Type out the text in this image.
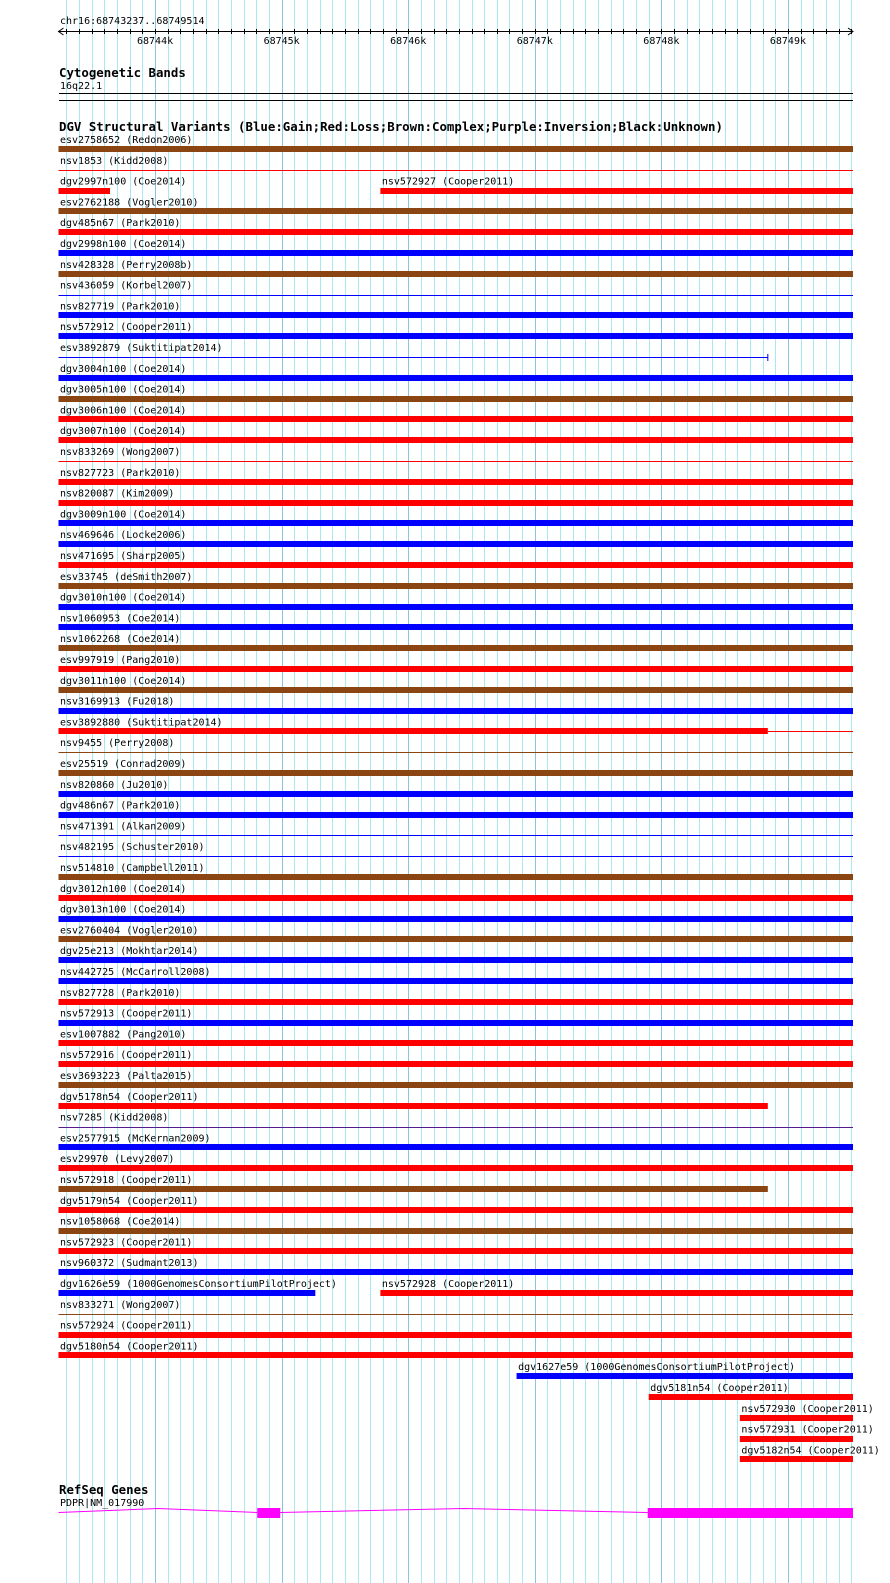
chr16:68743237..68749514
68744k	68745k	68746k	68747k	68748k	68749k
Cytogenetic Bands
16q22.1
DGV Structural Variants (Blue:Gain;Red:Loss;Brown:Complex;Purple:Inversion;Black:Unknown)
esv2758652 (Redon2006)
nsv1853 (Kidd2008)
dgv2997n100 (Coe2014)	nsv572927 (Cooper2011)
esv2762188 (Vogler2010)
dgv485n67 (Park2010)
dgv2998n100 (Coe2014)
nsv428328 (Perry2008b)
nsv436059 (Korbel2007)
nsv827719 (Park2010)
nsv572912 (Cooper2011)
esv3892879 (Suktitipat2014)
dgv3004n100 (Coe2014)
dgv3005n100 (Coe2014)
dgv3006n100 (Coe2014)
dgv3007n100 (Coe2014)
nsv833269 (Wong2007)
nsv827723 (Park2010)
nsv820087 (Kim2009)
dgv3009n100 (Coe2014)
nsv469646 (Locke2006)
nsv471695 (Sharp2005)
esv33745 (deSmith2007)
dgv3010n100 (Coe2014)
nsv1060953 (Coe2014)
nsv1062268 (Coe2014)
esv997919 (Pang2010)
dgv3011n100 (Coe2014)
nsv3169913 (Fu2018)
esv3892880 (Suktitipat2014)
nsv9455 (Perry2008)
esv25519 (Conrad2009)
nsv820860 (Ju2010)
dgv486n67 (Park2010)
nsv471391 (Alkan2009)
nsv482195 (Schuster2010)
nsv514810 (Campbell2011)
dgv3012n100 (Coe2014)
dgv3013n100 (Coe2014)
esv2760404 (Vogler2010)
dgv25e213 (Mokhtar2014)
nsv442725 (McCarroll2008)
nsv827728 (Park2010)
nsv572913 (Cooper2011)
esv1007882 (Pang2010)
nsv572916 (Cooper2011)
esv3693223 (Palta2015)
dgv5178n54 (Cooper2011)
nsv7285 (Kidd2008)
esv2577915 (McKernan2009)
esv29970 (Levy2007)
nsv572918 (Cooper2011)
dgv5179n54 (Cooper2011)
nsv1058068 (Coe2014)
nsv572923 (Cooper2011)
nsv960372 (Sudmant2013)
dgv1626e59 (1000GenomesConsortiumPilotProject)	nsv572928 (Cooper2011)
nsv833271 (Wong2007)
nsv572924 (Cooper2011)
dgv5180n54 (Cooper2011)
dgv1627e59 (1000GenomesConsortiumPilotProject)
dgv5181n54 (Cooper2011)
nsv572930 (Cooper2011)
nsv572931 (Cooper2011)
dgv5182n54 (Cooper2011)
RefSeq Genes
PDPR|NM_017990
